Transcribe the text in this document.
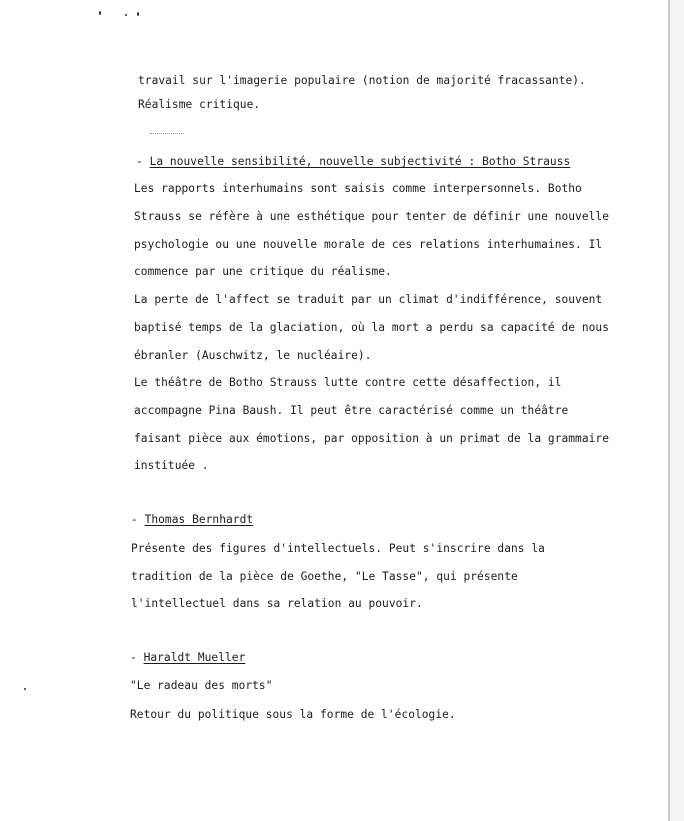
travail sur l'imagerie populaire (notion de majorité fracassante).
Réalisme critique.
- La nouvelle sensibilité, nouvelle subjectivité : Botho Strauss
Les rapports interhumains sont saisis comme interpersonnels. Botho
Strauss se réfère à une esthétique pour tenter de définir une nouvelle
psychologie ou une nouvelle morale de ces relations interhumaines. Il
commence par une critique du réalisme.
La perte de l'affect se traduit par un climat d'indifférence, souvent
baptisé temps de la glaciation, où la mort a perdu sa capacité de nous
ébranler (Auschwitz, le nucléaire).
Le théâtre de Botho Strauss lutte contre cette désaffection, il
accompagne Pina Baush. Il peut être caractérisé comme un théâtre
faisant pièce aux émotions, par opposition à un primat de la grammaire
instituée .
- Thomas Bernhardt
Présente des figures d'intellectuels. Peut s'inscrire dans la
tradition de la pièce de Goethe, "Le Tasse", qui présente
l'intellectuel dans sa relation au pouvoir.
- Haraldt Mueller
"Le radeau des morts"
Retour du politique sous la forme de l'écologie.
